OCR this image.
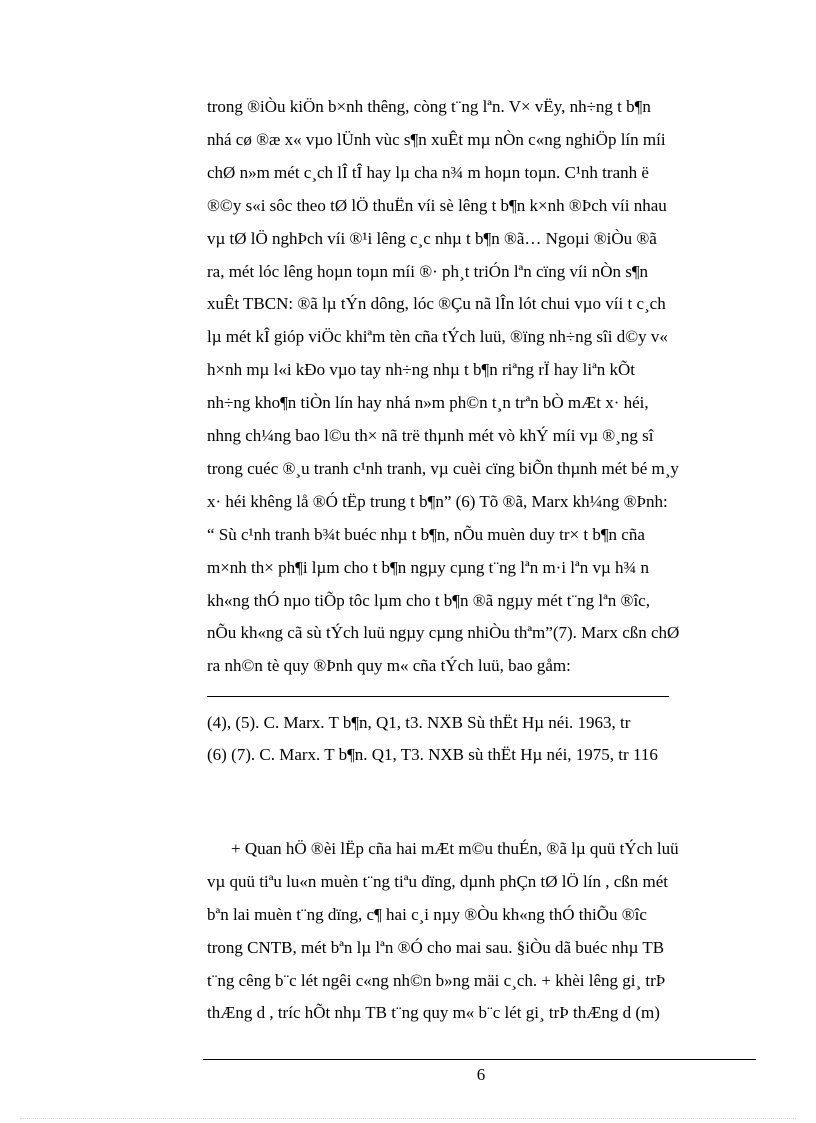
trong ®iÒu kiÖn b×nh thêng, còng t¨ng lªn. V× vËy, nh÷ng t b¶n
nhá cø ®æ x« vµo lÜnh vùc s¶n xuÊt mµ nÒn c«ng nghiÖp lín míi
chØ n»m mét c¸ch lÎ tÎ hay lµ cha n¾ m hoµn toµn. C¹nh tranh ë
®©y s«i sôc theo tØ lÖ thuËn víi sè lêng t b¶n k×nh ®Þch víi nhau
vµ tØ lÖ nghÞch víi ®¹i lêng c¸c nhµ t b¶n ®ã… Ngoµi ®iÒu ®ã
ra, mét lóc lêng hoµn toµn míi ®· ph¸t triÓn lªn cïng víi nÒn s¶n
xuÊt TBCN: ®ã lµ tÝn dông, lóc ®Çu nã lÎn lót chui vµo víi t c¸ch
lµ mét kÎ gióp viÖc khiªm tèn cña tÝch luü, ®ïng nh÷ng sîi d©y v«
h×nh mµ l«i kÐo vµo tay nh÷ng nhµ t b¶n riªng rÏ hay liªn kÕt
nh÷ng kho¶n tiÒn lín hay nhá n»m ph©n t¸n trªn bÒ mÆt x· héi,
nhng ch¼ng bao l©u th× nã trë thµnh mét vò khÝ míi vµ ®¸ng sî
trong cuéc ®¸u tranh c¹nh tranh, vµ cuèi cïng biÕn thµnh mét bé m¸y
x· héi khêng lå ®Ó tËp trung t b¶n” (6) Tõ ®ã, Marx kh¼ng ®Þnh:
“ Sù c¹nh tranh b¾t buéc nhµ t b¶n, nÕu muèn duy tr× t b¶n cña
m×nh th× ph¶i lµm cho t b¶n ngµy cµng t¨ng lªn m·i lªn vµ h¾ n
kh«ng thÓ nµo tiÕp tôc lµm cho t b¶n ®ã ngµy mét t¨ng lªn ®îc,
nÕu kh«ng cã sù tÝch luü ngµy cµng nhiÒu thªm”(7). Marx cßn chØ
ra nh©n tè quy ®Þnh quy m« cña tÝch luü, bao gåm:
(4), (5). C. Marx. T b¶n, Q1, t3. NXB Sù thËt Hµ néi. 1963, tr
(6) (7). C. Marx. T b¶n. Q1, T3. NXB sù thËt Hµ néi, 1975, tr 116
+ Quan hÖ ®èi lËp cña hai mÆt m©u thuÉn, ®ã lµ quü tÝch luü
vµ quü tiªu lu«n muèn t¨ng tiªu dïng, dµnh phÇn tØ lÖ lín , cßn mét
bªn lai muèn t¨ng dïng, c¶ hai c¸i nµy ®Òu kh«ng thÓ thiÕu ®îc
trong CNTB, mét bªn lµ lªn ®Ó cho mai sau. §iÒu dã buéc nhµ TB
t¨ng cêng b¨c lét ngêi c«ng nh©n b»ng mäi c¸ch. + khèi lêng gi¸ trÞ
thÆng d , tríc hÕt nhµ TB t¨ng quy m« b¨c lét gi¸ trÞ thÆng d (m)
6
